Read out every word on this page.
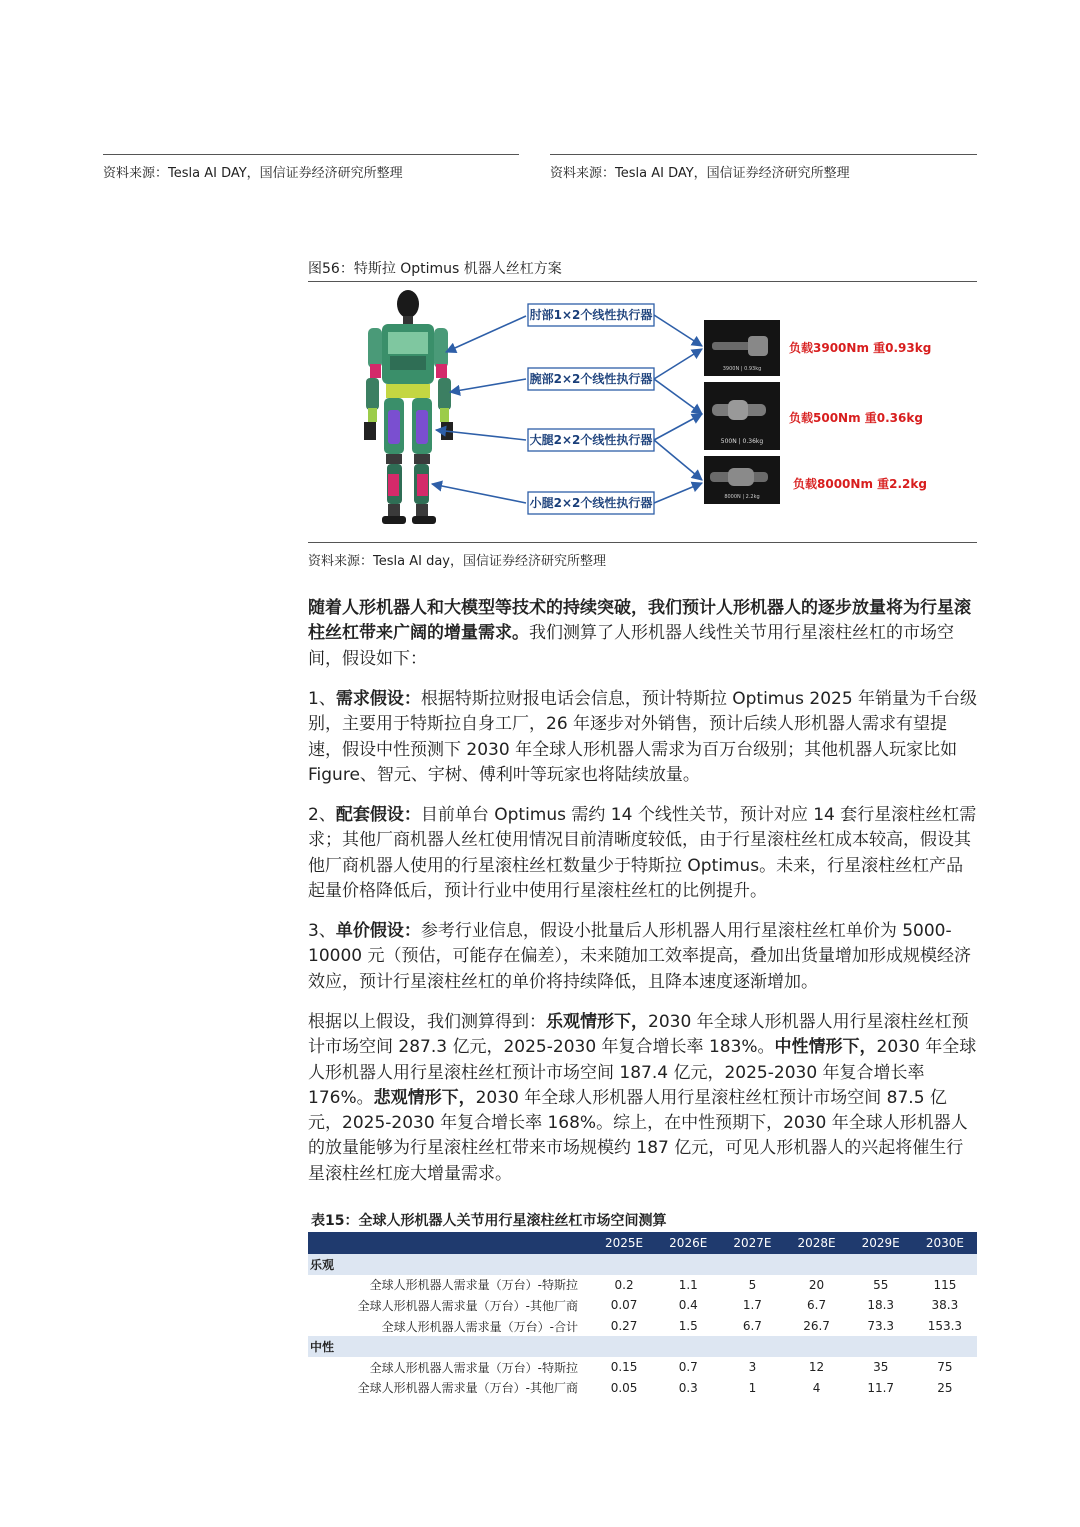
资料来源：Tesla AI DAY，国信证券经济研究所整理	资料来源：Tesla AI DAY，国信证券经济研究所整理
图56：特斯拉 Optimus 机器人丝杠方案
肘部1×2个线性执行器
腕部2×2个线性执行器
大腿2×2个线性执行器
小腿2×2个线性执行器
3900N | 0.93kg
500N | 0.36kg
8000N | 2.2kg
负载3900Nm 重0.93kg
负载500Nm 重0.36kg
负载8000Nm 重2.2kg
资料来源：Tesla AI day，国信证券经济研究所整理
随着人形机器人和大模型等技术的持续突破，我们预计人形机器人的逐步放量将为行星滚柱丝杠带来广阔的增量需求。我们测算了人形机器人线性关节用行星滚柱丝杠的市场空间，假设如下：
1、需求假设：根据特斯拉财报电话会信息，预计特斯拉 Optimus 2025 年销量为千台级别，主要用于特斯拉自身工厂，26 年逐步对外销售，预计后续人形机器人需求有望提速，假设中性预测下 2030 年全球人形机器人需求为百万台级别；其他机器人玩家比如 Figure、智元、宇树、傅利叶等玩家也将陆续放量。
2、配套假设：目前单台 Optimus 需约 14 个线性关节，预计对应 14 套行星滚柱丝杠需求；其他厂商机器人丝杠使用情况目前清晰度较低，由于行星滚柱丝杠成本较高，假设其他厂商机器人使用的行星滚柱丝杠数量少于特斯拉 Optimus。未来，行星滚柱丝杠产品起量价格降低后，预计行业中使用行星滚柱丝杠的比例提升。
3、单价假设：参考行业信息，假设小批量后人形机器人用行星滚柱丝杠单价为 5000-10000 元（预估，可能存在偏差），未来随加工效率提高，叠加出货量增加形成规模经济效应，预计行星滚柱丝杠的单价将持续降低，且降本速度逐渐增加。
根据以上假设，我们测算得到：乐观情形下，2030 年全球人形机器人用行星滚柱丝杠预计市场空间 287.3 亿元，2025-2030 年复合增长率 183%。中性情形下，2030 年全球人形机器人用行星滚柱丝杠预计市场空间 187.4 亿元，2025-2030 年复合增长率 176%。悲观情形下，2030 年全球人形机器人用行星滚柱丝杠预计市场空间 87.5 亿元，2025-2030 年复合增长率 168%。综上，在中性预期下，2030 年全球人形机器人的放量能够为行星滚柱丝杠带来市场规模约 187 亿元，可见人形机器人的兴起将催生行星滚柱丝杠庞大增量需求。
表15：全球人形机器人关节用行星滚柱丝杠市场空间测算
	2025E	2026E	2027E	2028E	2029E	2030E
乐观						
全球人形机器人需求量（万台）-特斯拉	0.2	1.1	5	20	55	115
全球人形机器人需求量（万台）-其他厂商	0.07	0.4	1.7	6.7	18.3	38.3
全球人形机器人需求量（万台）-合计	0.27	1.5	6.7	26.7	73.3	153.3
中性						
全球人形机器人需求量（万台）-特斯拉	0.15	0.7	3	12	35	75
全球人形机器人需求量（万台）-其他厂商	0.05	0.3	1	4	11.7	25
